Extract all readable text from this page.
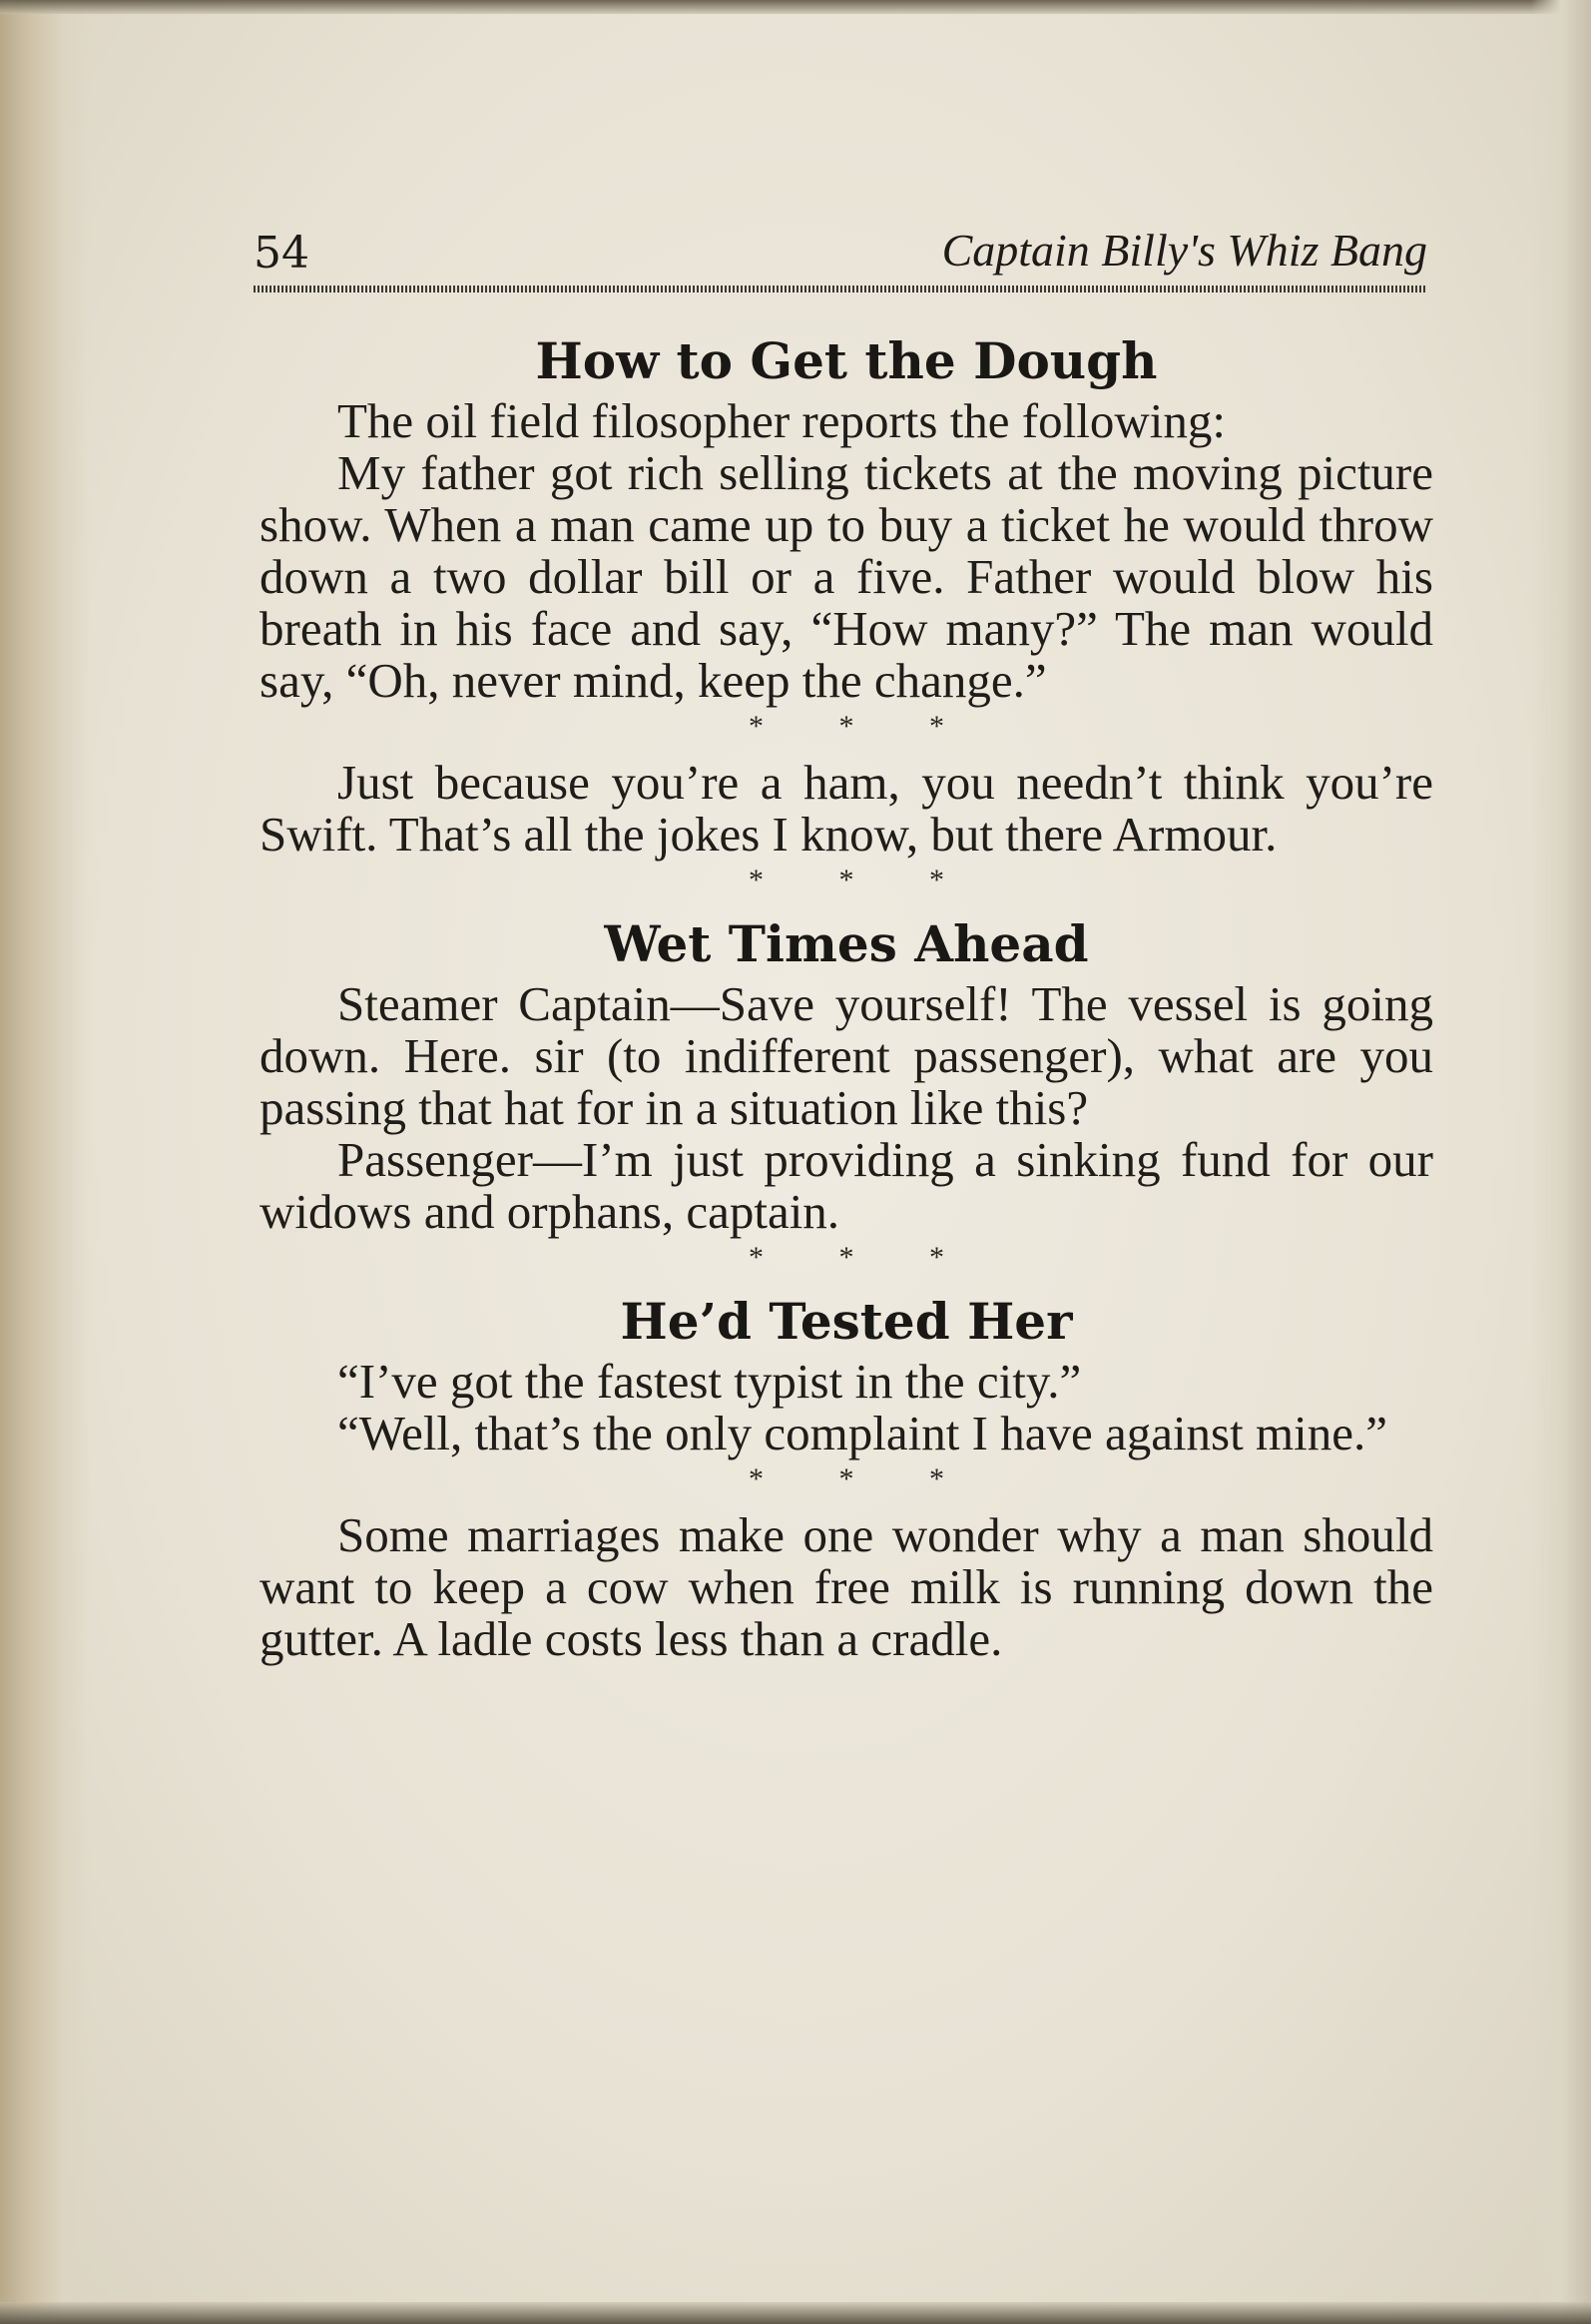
54	Captain Billy's Whiz Bang
How to Get the Dough

The oil field filosopher reports the following:

My father got rich selling tickets at the moving picture show. When a man came up to buy a ticket he would throw down a two dollar bill or a five. Father would blow his breath in his face and say, “How many?” The man would say, “Oh, never mind, keep the change.”

* * *

Just because you’re a ham, you needn’t think you’re Swift. That’s all the jokes I know, but there Armour.

* * *
Wet Times Ahead

Steamer Captain—Save yourself! The vessel is going down. Here. sir (to indifferent passenger), what are you passing that hat for in a situation like this?

Passenger—I’m just providing a sinking fund for our widows and orphans, captain.

* * *
He’d Tested Her

“I’ve got the fastest typist in the city.”

“Well, that’s the only complaint I have against mine.”

* * *

Some marriages make one wonder why a man should want to keep a cow when free milk is running down the gutter. A ladle costs less than a cradle.
